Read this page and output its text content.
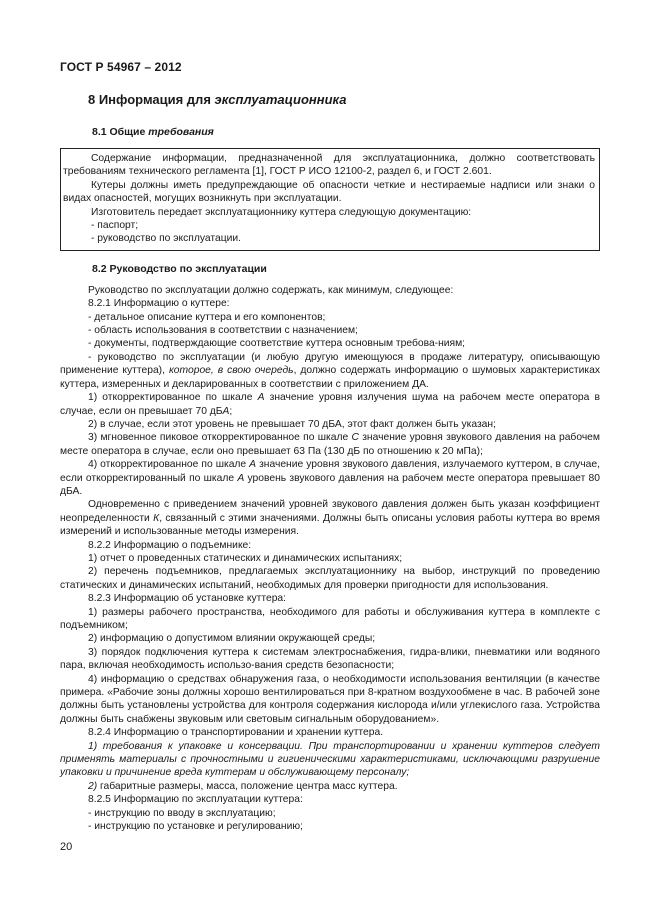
ГОСТ Р 54967 – 2012
8 Информация для эксплуатационника
8.1 Общие требования

Содержание информации, предназначенной для эксплуатационника, должно соответствовать требованиям технического регламента [1], ГОСТ Р ИСО 12100-2, раздел 6, и ГОСТ 2.601.

Кутеры должны иметь предупреждающие об опасности четкие и нестираемые надписи или знаки о видах опасностей, могущих возникнуть при эксплуатации.

Изготовитель передает эксплуатационнику куттера следующую документацию:

- паспорт;

- руководство по эксплуатации.

8.2 Руководство по эксплуатации

Руководство по эксплуатации должно содержать, как минимум, следующее:

8.2.1 Информацию о куттере:

- детальное описание куттера и его компонентов;

- область использования в соответствии с назначением;

- документы, подтверждающие соответствие куттера основным требова-ниям;

- руководство по эксплуатации (и любую другую имеющуюся в продаже литературу, описывающую применение куттера), которое, в свою очередь, должно содержать информацию о шумовых характеристиках куттера, измеренных и декларированных в соответствии с приложением ДА.

1) откорректированное по шкале А значение уровня излучения шума на рабочем месте оператора в случае, если он превышает 70 дБА;

2) в случае, если этот уровень не превышает 70 дБА, этот факт должен быть указан;

3) мгновенное пиковое откорректированное по шкале С значение уровня звукового давления на рабочем месте оператора в случае, если оно превышает 63 Па (130 дБ по отношению к 20 мПа);

4) откорректированное по шкале А значение уровня звукового давления, излучаемого куттером, в случае, если откорректированный по шкале А уровень звукового давления на рабочем месте оператора превышает 80 дБА.

Одновременно с приведением значений уровней звукового давления должен быть указан коэффициент неопределенности К, связанный с этими значениями. Должны быть описаны условия работы куттера во время измерений и использованные методы измерения.

8.2.2 Информацию о подъемнике:

1) отчет о проведенных статических и динамических испытаниях;

2) перечень подъемников, предлагаемых эксплуатационнику на выбор, инструкций по проведению статических и динамических испытаний, необходимых для проверки пригодности для использования.

8.2.3 Информацию об установке куттера:

1) размеры рабочего пространства, необходимого для работы и обслуживания куттера в комплекте с подъемником;

2) информацию о допустимом влиянии окружающей среды;

3) порядок подключения куттера к системам электроснабжения, гидра-влики, пневматики или водяного пара, включая необходимость использо-вания средств безопасности;

4) информацию о средствах обнаружения газа, о необходимости использования вентиляции (в качестве примера. «Рабочие зоны должны хорошо вентилироваться при 8-кратном воздухообмене в час. В рабочей зоне должны быть установлены устройства для контроля содержания кислорода и/или углекислого газа. Устройства должны быть снабжены звуковым или световым сигнальным оборудованием».

8.2.4 Информацию о транспортировании и хранении куттера.

1) требования к упаковке и консервации. При транспортировании и хранении куттеров следует применять материалы с прочностными и гигиеническими характеристиками, исключающими разрушение упаковки и причинение вреда куттерам и обслуживающему персоналу;

2) габаритные размеры, масса, положение центра масс куттера.

8.2.5 Информацию по эксплуатации куттера:

- инструкцию по вводу в эксплуатацию;

- инструкцию по установке и регулированию;

20
